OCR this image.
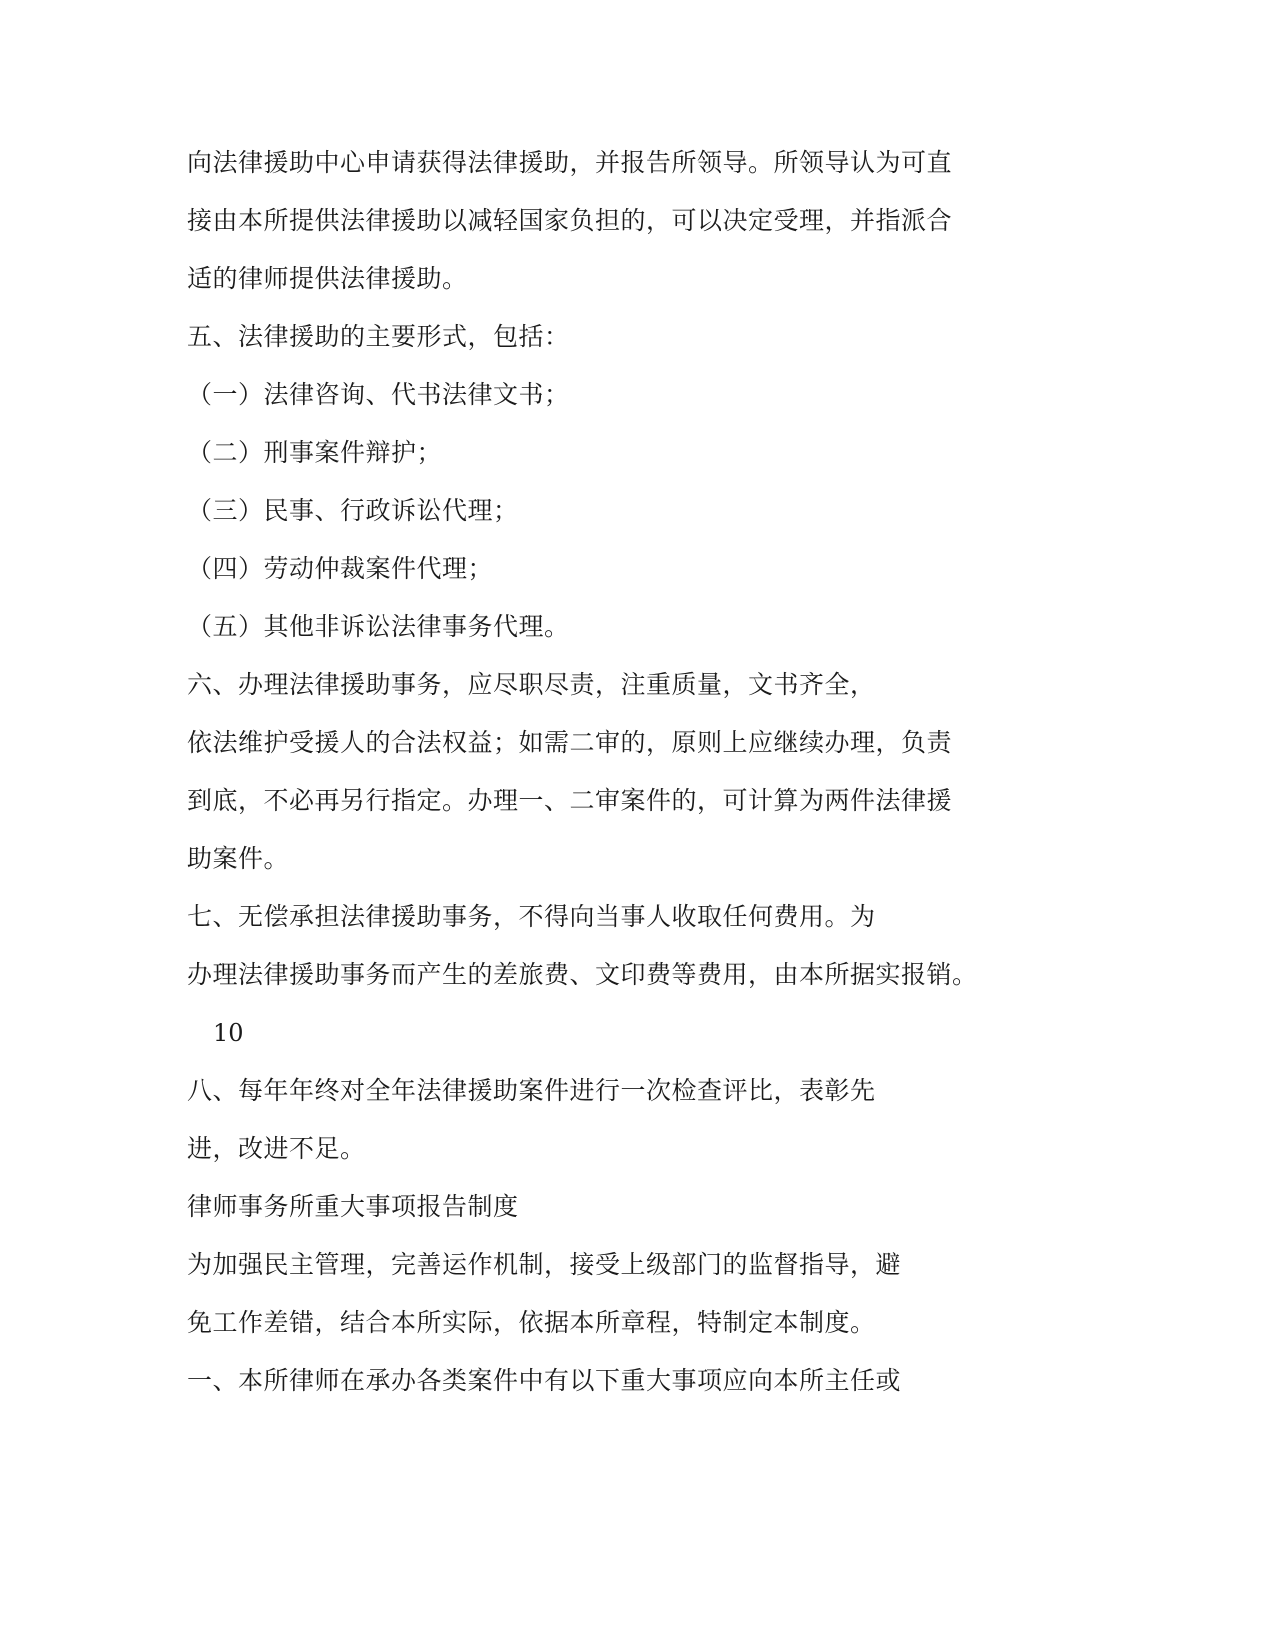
向法律援助中心申请获得法律援助，并报告所领导。所领导认为可直
接由本所提供法律援助以减轻国家负担的，可以决定受理，并指派合
适的律师提供法律援助。
五、法律援助的主要形式，包括：
（一）法律咨询、代书法律文书；
（二）刑事案件辩护；
（三）民事、行政诉讼代理；
（四）劳动仲裁案件代理；
（五）其他非诉讼法律事务代理。
六、办理法律援助事务，应尽职尽责，注重质量，文书齐全，
依法维护受援人的合法权益；如需二审的，原则上应继续办理，负责
到底，不必再另行指定。办理一、二审案件的，可计算为两件法律援
助案件。
七、无偿承担法律援助事务，不得向当事人收取任何费用。为
办理法律援助事务而产生的差旅费、文印费等费用，由本所据实报销。
10
八、每年年终对全年法律援助案件进行一次检查评比，表彰先
进，改进不足。
律师事务所重大事项报告制度
为加强民主管理，完善运作机制，接受上级部门的监督指导，避
免工作差错，结合本所实际，依据本所章程，特制定本制度。
一、本所律师在承办各类案件中有以下重大事项应向本所主任或
